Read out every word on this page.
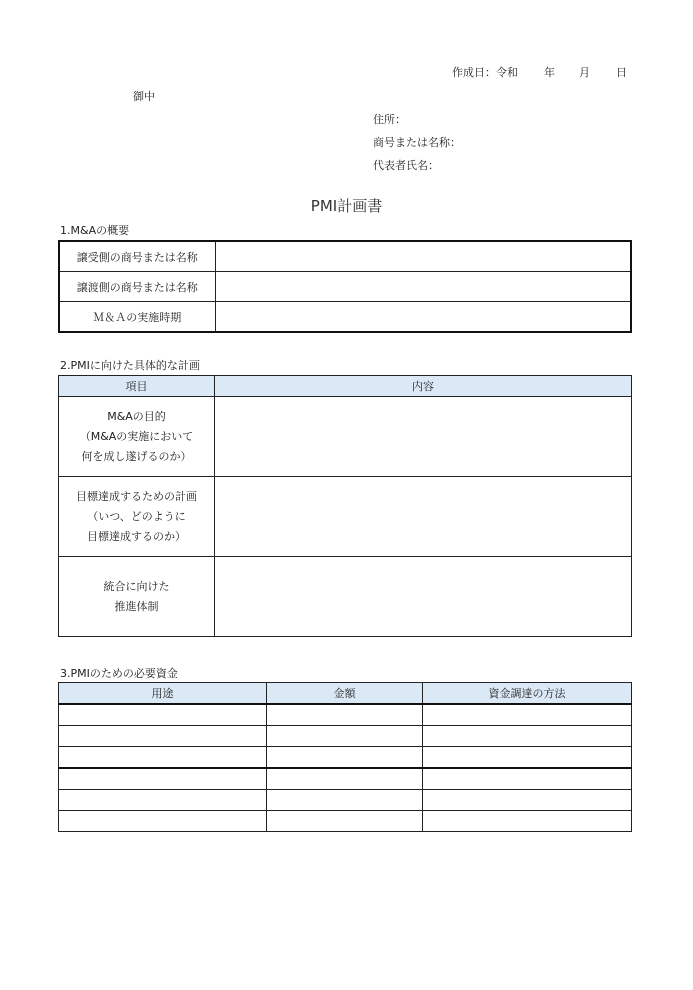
作成日：令和 年 月 日
御中
住所：
商号または名称：
代表者氏名：
PMI計画書
1.M&Aの概要
譲受側の商号または名称	
譲渡側の商号または名称	
Ｍ＆Ａの実施時期	
2.PMIに向けた具体的な計画
項目	内容

M&Aの目的
（M&Aの実施において
何を成し遂げるのか）	

目標達成するための計画
（いつ、どのように
目標達成するのか）	

統合に向けた
推進体制	

3.PMIのための必要資金
用途	金額	資金調達の方法
